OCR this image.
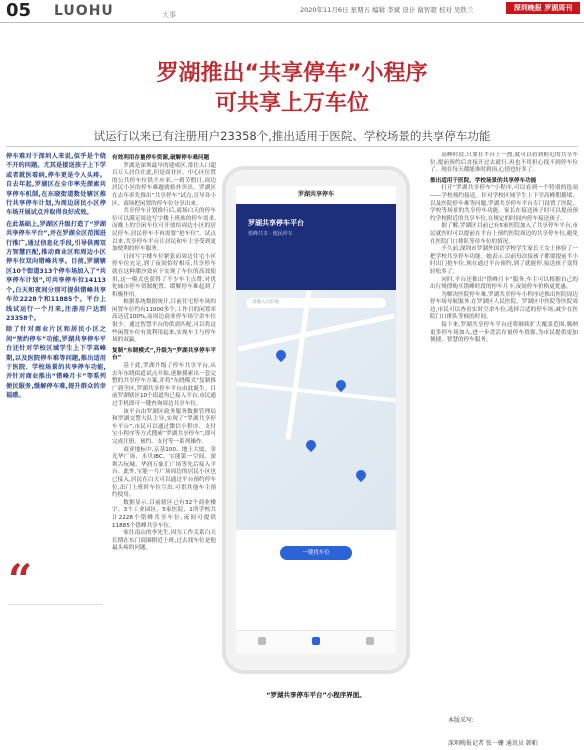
05 LUOHU	大事
2020年11月6日 星期五 编辑 李斌 设计 谢智超 校对 吴铁兰	深圳晚报 罗湖周刊
罗湖推出“共享停车”小程序
可共享上万车位
试运行以来已有注册用户23358个,推出适用于医院、学校场景的共享停车功能
停车难对于深圳人来说,似乎是个绕不开的问题。尤其是接送孩子上下学或者就医看病,停车更是令人头疼。自去年起,罗湖区在全市率先探索共享停车机制,在东晓街道数处辖区推行共享停车计划,为周边居民小区停车场开展试点并取得良好成效。
在此基础上,罗湖区升级打造了“罗湖共享停车平台”,并在罗湖全区范围进行推广,通过信息化手段,引导供需双方智慧匹配,推动商业区和周边小区停车位双向错峰共享。目前,罗湖辖区10个街道313个停车场加入了“共享停车计划”,可共享停车位14113个,白天和夜间分别可提供错峰共享车位2228个和11885个。平台上线试运行一个月来,注册用户达到23358个。
除了针对商业片区和居民小区之间“预约停车”功能,罗湖共享停车平台还针对学校区域学生上下学高峰期,以及医院停车难等问题,推出适用于医院、学校场景的共享停车功能,并针对商业推出“错峰月卡”等系列便民服务,缓解停车难,提升群众的幸福感。
“

有效利用存量停车资源,破解停车难问题

罗湖是深圳最早的建成区,常住人口超百万人居住在此,但是商业区、中心区位置的公共停车位供不应求,一到节假日,周边居民小区的停车难题就格外突出。罗湖区在去年率先推出“共享停车”试点,引导各小区、商场把闲置的停车位分享出来。

共享停车计划推行后,商场白天的停车位可以满足周边写字楼上班族的停车需求,而晚上的空闲车位可开放给周边小区的居民停车,居民停车不再需要“抢车位”。试点以来,共享停车平台让居民和车主享受到更加便利的停车服务。

日间写字楼车位紧张而周边住宅小区停车位充足,到了夜间恰好相反,共享停车就在这种潮汐效应下实现了车位的高效使用,这一模式也获得了不少车主点赞,对优化城市停车资源配置、缓解停车难起到了积极作用。

根据系统数据统计,目前住宅停车场的闲置车位约有11000多个,工作日的闲置率高达近100%,而周边商业停车场空余车位很少。通过智慧平台的供需匹配,可以将这些闲置车位有效利用起来,实现车主与停车场的双赢。

复制“东晓模式”,升级为“罗湖共享停车平台”

基于此,罗湖升级了停车共享平台,从去年东晓街道试点开始,逐渐摸索出一套完整的共享停车方案,并将“东晓模式”复制推广到全区,罗湖共享停车平台由此诞生。目前罗湖辖区10个街道均已接入平台,市民通过手机即可一键查询周边共享车位。

该平台由罗湖区政务服务数据管理局和罗湖交警大队主导,实现了“罗湖共享停车平台”,市民可以通过微信小程序、支付宝小程序等方式搜索“罗湖共享停车”,即可完成注册、预约、支付等一系列操作。

商业地标中,京基100、地王大厦、金光华广场、水贝IBC、宝能第一空间、深圳古玩城、华润万象汇广场等先后接入平台。此外,宝能一号广场周边的居民小区也已接入,居民在白天可以通过平台预约停车位,出门上班时车位空出,可供其他车主预约使用。

数据显示,目前辖区已有32个商业楼宇、3个工业园区、5家医院、1所学校共计2228个错峰共享车位,夜间可提供11885个错峰共享车位。

家住南山的李先生,因为工作关系白天长期在东门商圈附近上班,过去找车位是他最头疼的问题。

罗湖共享停车
罗湖共享停车平台
错峰共享 · 便民停车
请输入目的地
一键找车位
“罗湖共享停车平台”小程序界面。

高峰时段,只要在平台上一搜,就可以看到附近的共享车位,提前预约后直接开过去就行,再也不用担心找不到停车位了。现在每天都能准时到岗,心情也好多了。

推出适用于医院、学校场景的共享停车功能

打开“罗湖共享停车”小程序,可以看到一个特别的选项——学校预约接送。针对学校区域学生上下学高峰期拥堵、以及医院停车难等问题,罗湖共享停车平台专门设置了医院、学校等场景的共享停车功能。家长在接送孩子时可以提前预约学校附近的共享车位,在规定的时间内停车接送孩子。

据了解,罗湖区目前已有5家医院加入了共享停车平台,市民就医时可以提前在平台上预约医院周边的共享停车位,避免在医院门口排队等待车位的情况。

不久前,深圳市罗湖外国语学校学生家长王女士体验了一把学校共享停车功能。她表示,以前每次接孩子都要提前半小时出门抢车位,现在通过平台预约,到了就能停,接送孩子变得轻松多了。

同时,平台还推出“错峰月卡”服务,车主可以根据自己的出行规律购买错峰时段的停车月卡,夜间停车价格更优惠。

为解决医院停车难,罗湖共享停车小程序还推出医院周边停车场导航服务,在罗湖区人民医院、罗湖区中医院等医院周边,市民可以查看实时空余车位,选择合适的停车场,减少在医院门口排队等候的时间。

接下来,罗湖共享停车平台还将继续扩大覆盖范围,吸纳更多停车场加入,进一步盘活存量停车资源,为市民提供更加便捷、智慧的停车服务。

本版采写:
深圳晚报记者 张一姗 通讯员 韩帕
